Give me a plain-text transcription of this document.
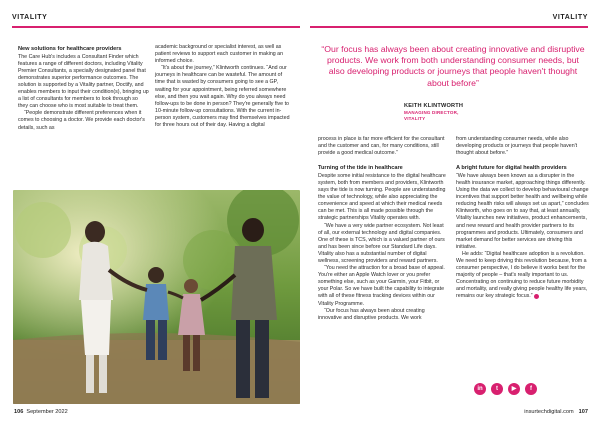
VITALITY	VITALITY
New solutions for healthcare providers

The Care Hub's includes a Consultant Finder which features a range of different doctors, including Vitality Premier Consultants, a specially designated panel that demonstrates superior performance outcomes. The solution is supported by a Vitality partner, Doctify, and enables members to input their condition(s), bringing up a list of consultants for members to look through so they can choose who is most suitable to treat them.

“People demonstrate different preferences when it comes to choosing a doctor. We provide each doctor's details, such as

academic background or specialist interest, as well as patient reviews to support each customer in making an informed choice.

“It's about the journey,” Klintworth continues. “And our journeys in healthcare can be wasteful. The amount of time that is wasted by consumers going to see a GP, waiting for your appointment, being referred somewhere else, and then you wait again. Why do you always need follow-ups to be done in person? They're generally five to 10-minute follow-up consultations. With the current in-person system, customers may find themselves impacted for three hours out of their day. Having a digital

“Our focus has always been about creating innovative and disruptive products. We work from both understanding consumer needs, but also developing products or journeys that people haven't thought about before”
KEITH KLINTWORTH
MANAGING DIRECTOR,
VITALITY

process in place is far more efficient for the consultant and the customer and can, for many conditions, still provide a good medical outcome.”

Turning of the tide in healthcare

Despite some initial resistance to the digital healthcare system, both from members and providers, Klintworth says the tide is now turning. People are understanding the value of technology, while also appreciating the convenience and speed at which their medical needs can be met. This is all made possible through the strategic partnerships Vitality operates with.

“We have a very wide partner ecosystem. Not least of all, our external technology and digital companies. One of these is TCS, which is a valued partner of ours and has been since before our Standard Life days. Vitality also has a substantial number of digital wellness, screening providers and reward partners.

“You need the attraction for a broad base of appeal. You're either an Apple Watch lover or you prefer something else, such as your Garmin, your Fitbit, or your Polar. So we have built the capability to integrate with all of these fitness tracking devices within our Vitality Programme.

“Our focus has always been about creating innovative and disruptive products. We work

from understanding consumer needs, while also developing products or journeys that people haven't thought about before.”

A bright future for digital health providers

“We have always been known as a disrupter in the health insurance market, approaching things differently. Using the data we collect to develop behavioural change incentives that support better health and wellbeing while reducing health risks will always set us apart,” concludes Klintworth, who goes on to say that, at least annually, Vitality launches new initiatives, product enhancements, and new reward and health provider partners to its programmes and products. Ultimately, consumers and market demand for better services are driving this initiative.

He adds: “Digital healthcare adoption is a revolution. We need to keep driving this revolution because, from a consumer perspective, I do believe it works best for the majority of people – that's really important to us. Concentrating on continuing to reduce future morbidity and mortality, and really giving people healthy life years, remains our key strategic focus.”

in	t	▶	f
106 September 2022	insurtechdigital.com 107
